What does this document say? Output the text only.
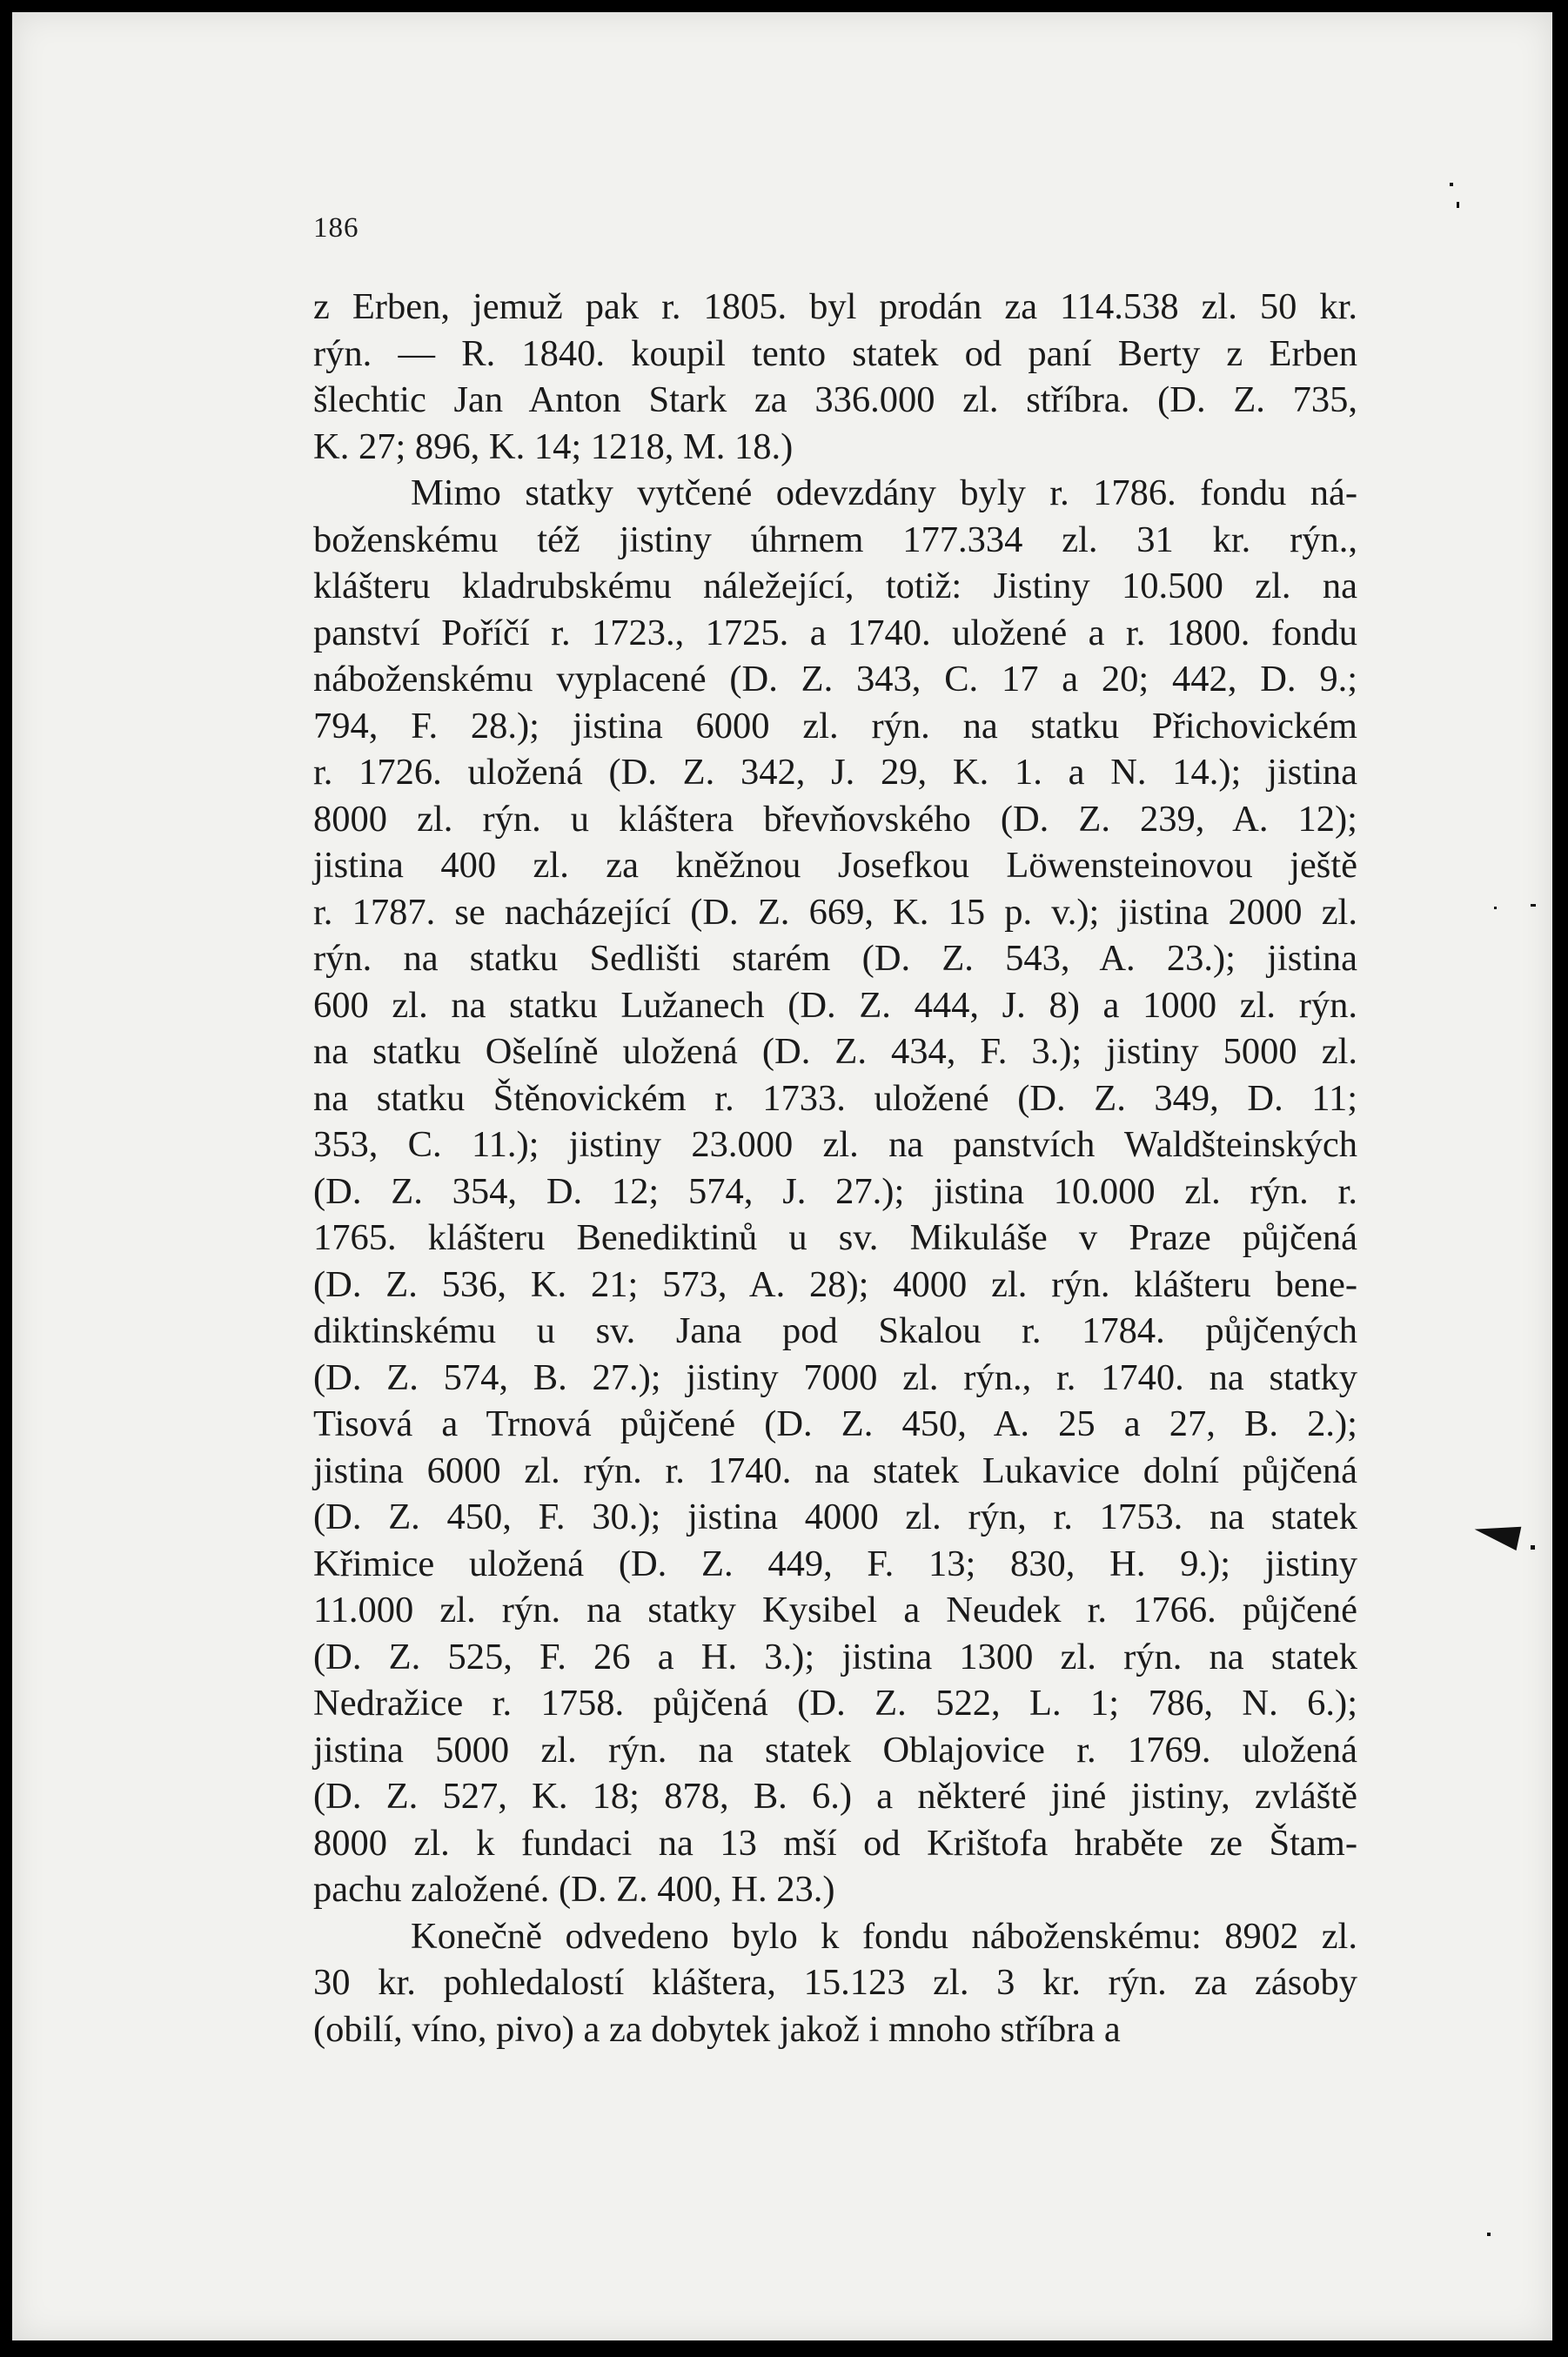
186

z Erben, jemuž pak r. 1805. byl prodán za 114.538 zl. 50 kr.
rýn. — R. 1840. koupil tento statek od paní Berty z Erben
šlechtic Jan Anton Stark za 336.000 zl. stříbra. (D. Z. 735,
K. 27; 896, K. 14; 1218, M. 18.)

Mimo statky vytčené odevzdány byly r. 1786. fondu ná-
boženskému též jistiny úhrnem 177.334 zl. 31 kr. rýn.,
klášteru kladrubskému náležející, totiž: Jistiny 10.500 zl. na
panství Poříčí r. 1723., 1725. a 1740. uložené a r. 1800. fondu
náboženskému vyplacené (D. Z. 343, C. 17 a 20; 442, D. 9.;
794, F. 28.); jistina 6000 zl. rýn. na statku Přichovickém
r. 1726. uložená (D. Z. 342, J. 29, K. 1. a N. 14.); jistina
8000 zl. rýn. u kláštera břevňovského (D. Z. 239, A. 12);
jistina 400 zl. za kněžnou Josefkou Löwensteinovou ještě
r. 1787. se nacházející (D. Z. 669, K. 15 p. v.); jistina 2000 zl.
rýn. na statku Sedlišti starém (D. Z. 543, A. 23.); jistina
600 zl. na statku Lužanech (D. Z. 444, J. 8) a 1000 zl. rýn.
na statku Ošelíně uložená (D. Z. 434, F. 3.); jistiny 5000 zl.
na statku Štěnovickém r. 1733. uložené (D. Z. 349, D. 11;
353, C. 11.); jistiny 23.000 zl. na panstvích Waldšteinských
(D. Z. 354, D. 12; 574, J. 27.); jistina 10.000 zl. rýn. r.
1765. klášteru Benediktinů u sv. Mikuláše v Praze půjčená
(D. Z. 536, K. 21; 573, A. 28); 4000 zl. rýn. klášteru bene-
diktinskému u sv. Jana pod Skalou r. 1784. půjčených
(D. Z. 574, B. 27.); jistiny 7000 zl. rýn., r. 1740. na statky
Tisová a Trnová půjčené (D. Z. 450, A. 25 a 27, B. 2.);
jistina 6000 zl. rýn. r. 1740. na statek Lukavice dolní půjčená
(D. Z. 450, F. 30.); jistina 4000 zl. rýn, r. 1753. na statek
Křimice uložená (D. Z. 449, F. 13; 830, H. 9.); jistiny
11.000 zl. rýn. na statky Kysibel a Neudek r. 1766. půjčené
(D. Z. 525, F. 26 a H. 3.); jistina 1300 zl. rýn. na statek
Nedražice r. 1758. půjčená (D. Z. 522, L. 1; 786, N. 6.);
jistina 5000 zl. rýn. na statek Oblajovice r. 1769. uložená
(D. Z. 527, K. 18; 878, B. 6.) a některé jiné jistiny, zvláště
8000 zl. k fundaci na 13 mší od Krištofa hraběte ze Štam-
pachu založené. (D. Z. 400, H. 23.)

Konečně odvedeno bylo k fondu náboženskému: 8902 zl.
30 kr. pohledalostí kláštera, 15.123 zl. 3 kr. rýn. za zásoby
(obilí, víno, pivo) a za dobytek jakož i mnoho stříbra a
